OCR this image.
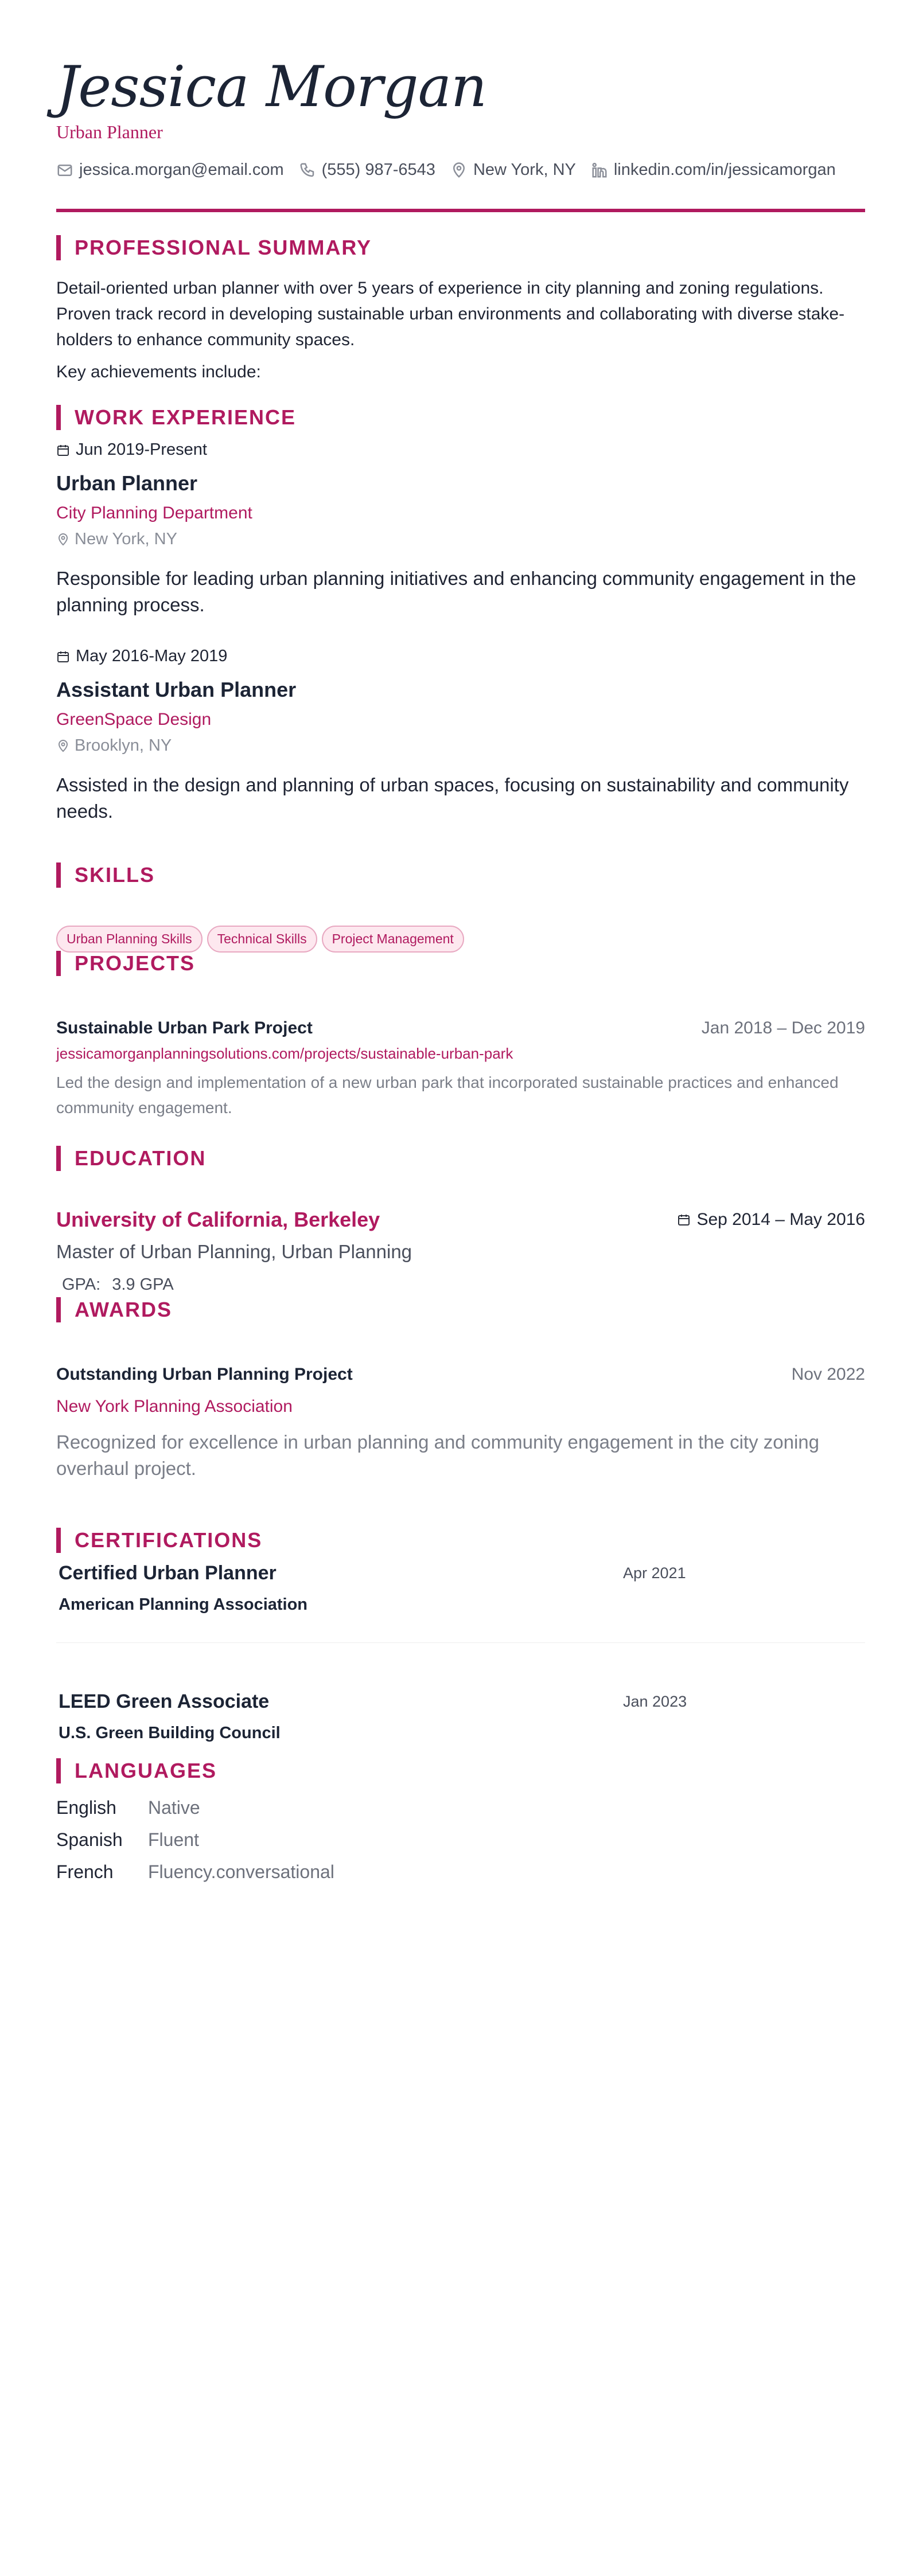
Jessica Morgan
Urban Planner
jessica.morgan@email.com (555) 987-6543 New York, NY linkedin.com/in/jessicamorgan
PROFESSIONAL SUMMARY
Detail-oriented urban planner with over 5 years of experience in city planning and zoning regulations. Proven track record in developing sustainable urban environments and collaborating with diverse stakeholders to enhance community spaces.
Key achievements include:
WORK EXPERIENCE
Jun 2019-Present
Urban Planner
City Planning Department
New York, NY
Responsible for leading urban planning initiatives and enhancing community engagement in the planning process.
May 2016-May 2019
Assistant Urban Planner
GreenSpace Design
Brooklyn, NY
Assisted in the design and planning of urban spaces, focusing on sustainability and community needs.
SKILLS
Urban Planning Skills	Technical Skills	Project Management
PROJECTS
Sustainable Urban Park Project	Jan 2018 – Dec 2019
jessicamorganplanningsolutions.com/projects/sustainable-urban-park
Led the design and implementation of a new urban park that incorporated sustainable practices and enhanced community engagement.
EDUCATION
University of California, Berkeley	Sep 2014 – May 2016
Master of Urban Planning, Urban Planning
GPA: 3.9 GPA
AWARDS
Outstanding Urban Planning Project	Nov 2022
New York Planning Association
Recognized for excellence in urban planning and community engagement in the city zoning overhaul project.
CERTIFICATIONS
Certified Urban Planner	Apr 2021
American Planning Association
LEED Green Associate	Jan 2023
U.S. Green Building Council
LANGUAGES
English	Native
Spanish	Fluent
French	Fluency.conversational
